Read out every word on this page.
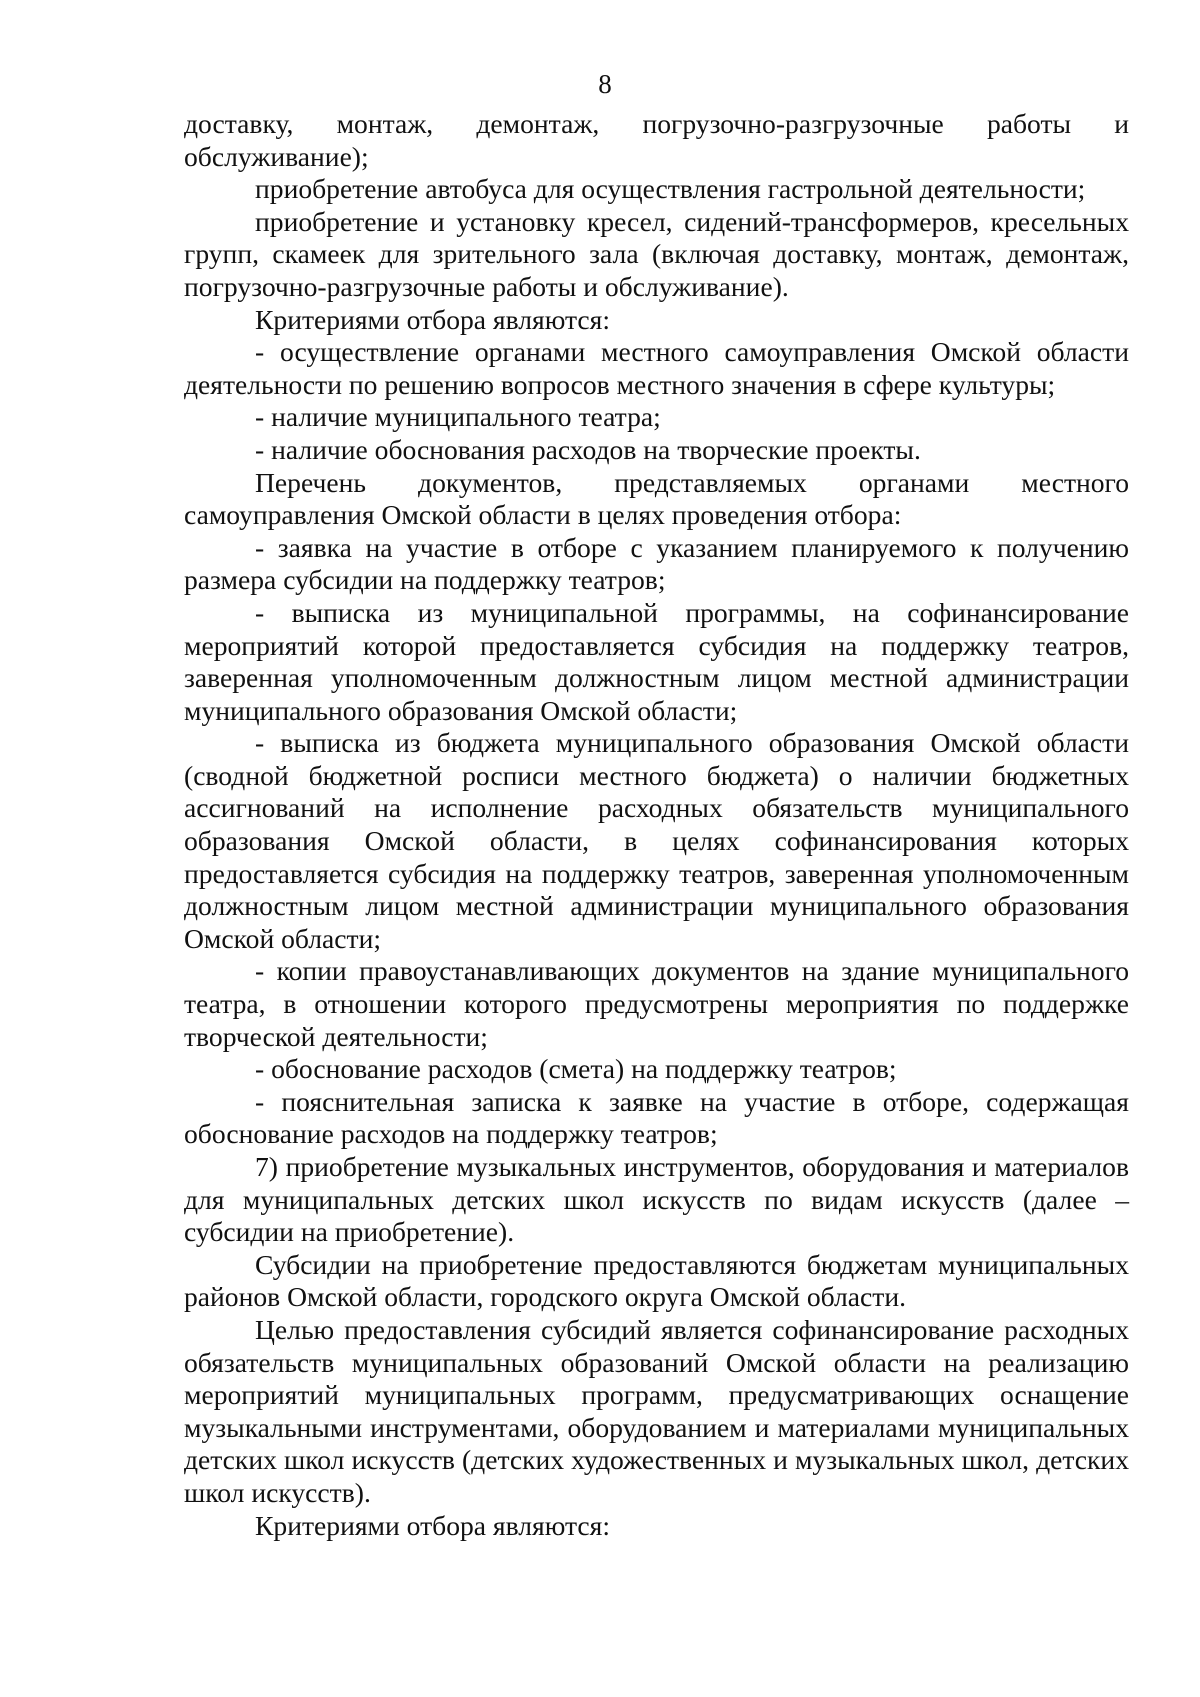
8

доставку, монтаж, демонтаж, погрузочно-разгрузочные работы и обслуживание);

приобретение автобуса для осуществления гастрольной деятельности;

приобретение и установку кресел, сидений-трансформеров, кресельных групп, скамеек для зрительного зала (включая доставку, монтаж, демонтаж, погрузочно-разгрузочные работы и обслуживание).

Критериями отбора являются:

- осуществление органами местного самоуправления Омской области деятельности по решению вопросов местного значения в сфере культуры;

- наличие муниципального театра;

- наличие обоснования расходов на творческие проекты.

Перечень документов, представляемых органами местного самоуправления Омской области в целях проведения отбора:

- заявка на участие в отборе с указанием планируемого к получению размера субсидии на поддержку театров;

- выписка из муниципальной программы, на софинансирование мероприятий которой предоставляется субсидия на поддержку театров, заверенная уполномоченным должностным лицом местной администрации муниципального образования Омской области;

- выписка из бюджета муниципального образования Омской области (сводной бюджетной росписи местного бюджета) о наличии бюджетных ассигнований на исполнение расходных обязательств муниципального образования Омской области, в целях софинансирования которых предоставляется субсидия на поддержку театров, заверенная уполномоченным должностным лицом местной администрации муниципального образования Омской области;

- копии правоустанавливающих документов на здание муниципального театра, в отношении которого предусмотрены мероприятия по поддержке творческой деятельности;

- обоснование расходов (смета) на поддержку театров;

- пояснительная записка к заявке на участие в отборе, содержащая обоснование расходов на поддержку театров;

7) приобретение музыкальных инструментов, оборудования и материалов для муниципальных детских школ искусств по видам искусств (далее – субсидии на приобретение).

Субсидии на приобретение предоставляются бюджетам муниципальных районов Омской области, городского округа Омской области.

Целью предоставления субсидий является софинансирование расходных обязательств муниципальных образований Омской области на реализацию мероприятий муниципальных программ, предусматривающих оснащение музыкальными инструментами, оборудованием и материалами муниципальных детских школ искусств (детских художественных и музыкальных школ, детских школ искусств).

Критериями отбора являются:
